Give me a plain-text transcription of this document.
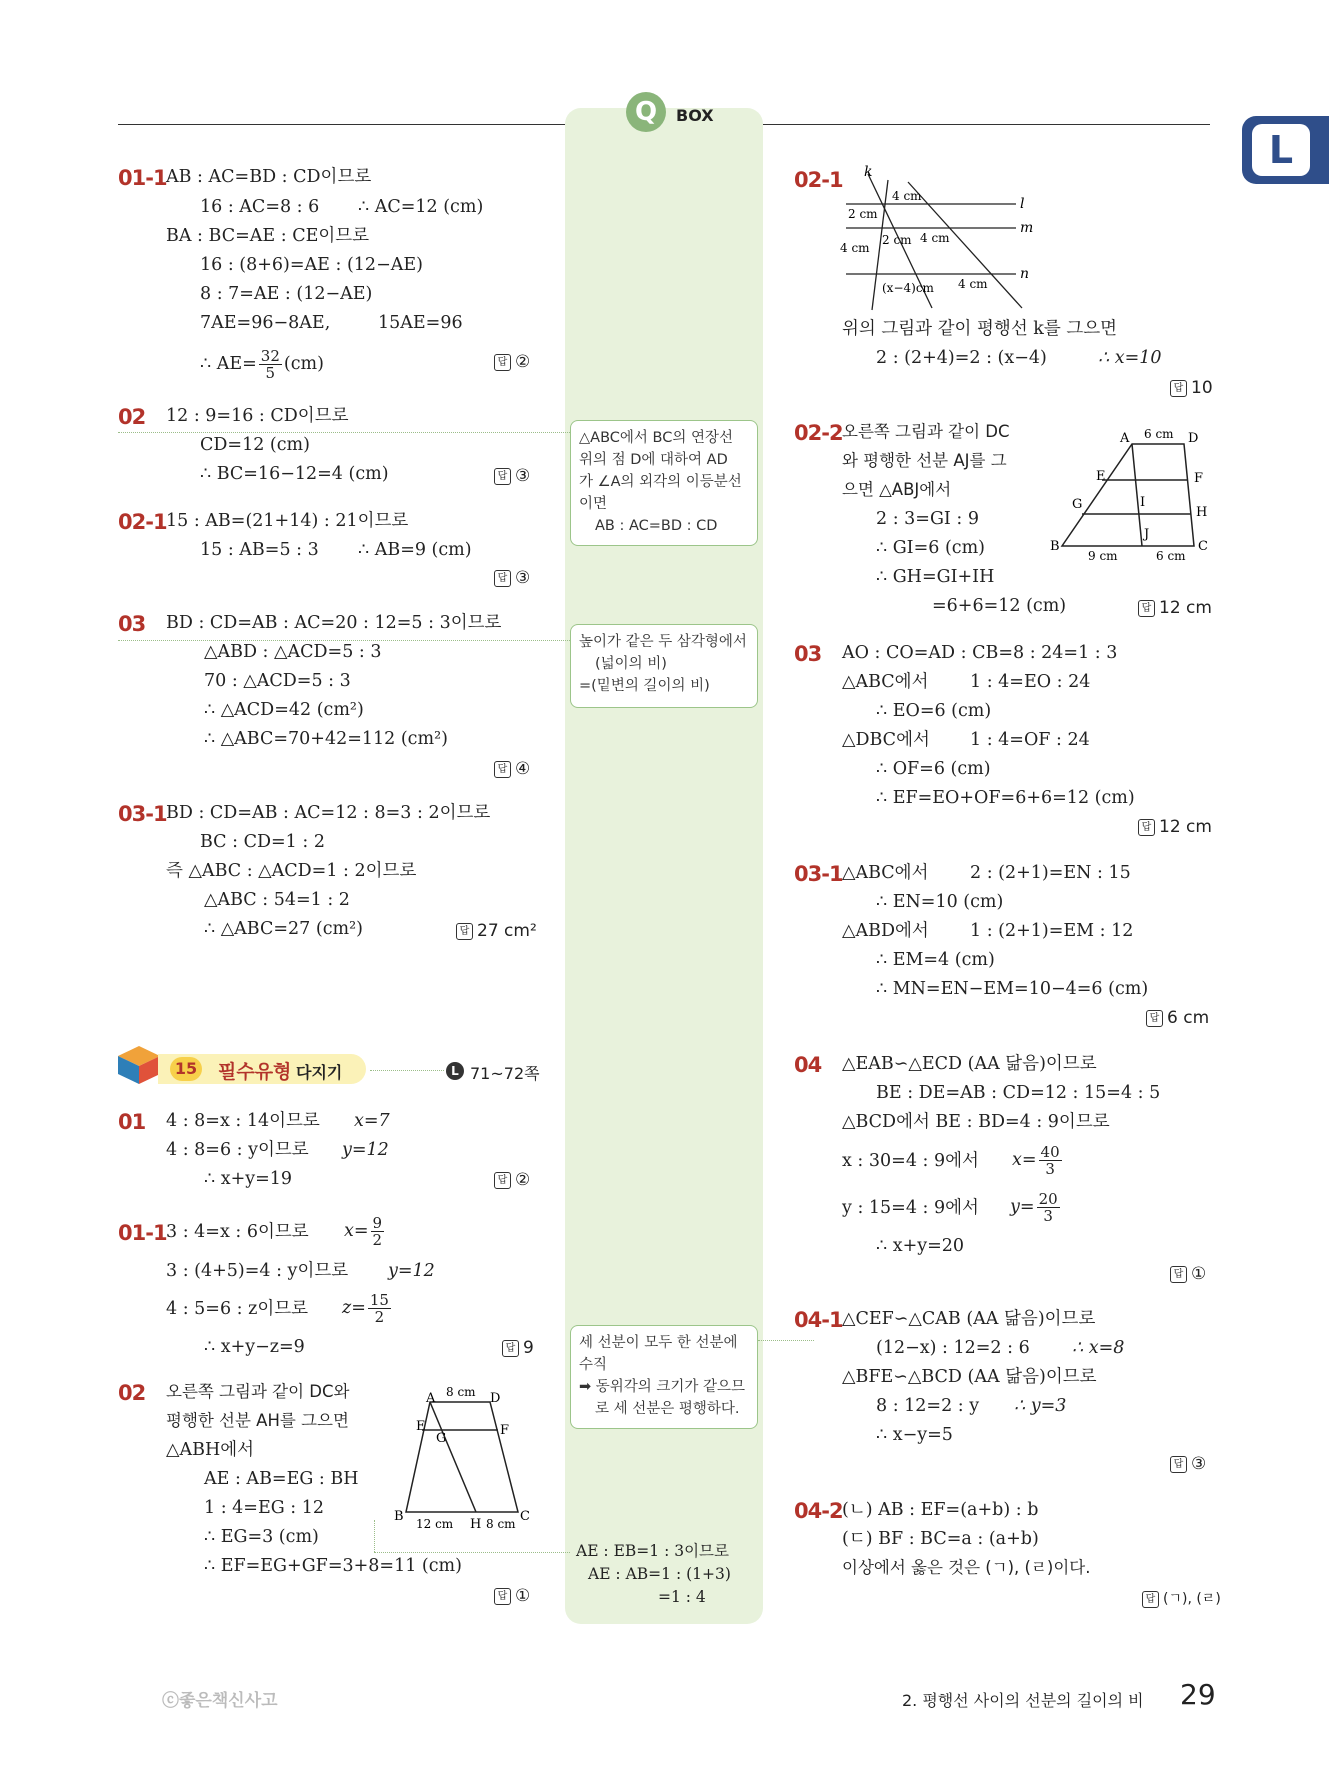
Q	BOX
L
01-1 AB : AC=BD : CD이므로
16 : AC=8 : 6 ∴ AC=12 (cm)
BA : BC=AE : CE이므로
16 : (8+6)=AE : (12−AE)
8 : 7=AE : (12−AE)
7AE=96−8AE,	15AE=96
∴ $AE= \frac{32}{5} (cm)$	답 ②
02 12 : 9=16 : CD이므로
CD=12 (cm)
∴ BC=16−12=4 (cm)	답 ③
02-1 15 : AB=(21+14) : 21이므로
15 : AB=5 : 3 ∴ AB=9 (cm)
답 ③
03 BD : CD=AB : AC=20 : 12=5 : 3이므로
△ABD : △ACD=5 : 3
70 : △ACD=5 : 3
∴ △ACD=42 (cm²)
∴ △ABC=70+42=112 (cm²)
답 ④
03-1 BD : CD=AB : AC=12 : 8=3 : 2이므로
BC : CD=1 : 2
즉 △ABC : △ACD=1 : 2이므로
△ABC : 54=1 : 2
∴ △ABC=27 (cm²)	답 27 cm²
15 필수유형 다지기	L 71~72쪽
01 4 : 8=x : 14이므로 x=7
4 : 8=6 : y이므로 y=12
∴ x+y=19	답 ②
01-1 3 : 4=x : 6이므로 $x= \frac{9}{2}$
3 : (4+5)=4 : y이므로 y=12
4 : 5=6 : z이므로 $z= \frac{15}{2}$
∴ x+y−z=9	답 9
02 오른쪽 그림과 같이 DC와
평행한 선분 AH를 그으면
△ABH에서
AE : AB=EG : BH
1 : 4=EG : 12
∴ EG=3 (cm)
∴ EF=EG+GF=3+8=11 (cm)
답 ①
A	D
E	F
G
B
H
C
8 cm
12 cm	8 cm
△ABC에서 BC의 연장선
위의 점 D에 대하여 AD
가 ∠A의 외각의 이등분선
이면
AB : AC=BD : CD
높이가 같은 두 삼각형에서
(넓이의 비)
=(밑변의 길이의 비)
세 선분이 모두 한 선분에
수직
➡ 동위각의 크기가 같으므
로 세 선분은 평행하다.
AE : EB=1 : 3이므로
AE : AB=1 : (1+3)
=1 : 4
02-1 k
l
m
n
4 cm
2 cm
4 cm
2 cm 4 cm
(x−4)cm 4 cm
위의 그림과 같이 평행선 k를 그으면
2 : (2+4)=2 : (x−4)	∴ x=10
답 10
02-2 오른쪽 그림과 같이 DC
와 평행한 선분 AJ를 그
으면 △ABJ에서
2 : 3=GI : 9
∴ GI=6 (cm)
∴ GH=GI+IH
=6+6=12 (cm)	답 12 cm
A	D
E	F
G	I
H
J
B	C
6 cm
9 cm	6 cm
03 AO : CO=AD : CB=8 : 24=1 : 3
△ABC에서 1 : 4=EO : 24
∴ EO=6 (cm)
△DBC에서 1 : 4=OF : 24
∴ OF=6 (cm)
∴ EF=EO+OF=6+6=12 (cm)
답 12 cm
03-1 △ABC에서 2 : (2+1)=EN : 15
∴ EN=10 (cm)
△ABD에서 1 : (2+1)=EM : 12
∴ EM=4 (cm)
∴ MN=EN−EM=10−4=6 (cm)
답 6 cm
04 △EAB∽△ECD (AA 닮음)이므로
BE : DE=AB : CD=12 : 15=4 : 5
△BCD에서 BE : BD=4 : 9이므로
x : 30=4 : 9에서 $x= \frac{40}{3}$
y : 15=4 : 9에서 $y= \frac{20}{3}$
∴ x+y=20
답 ①
04-1 △CEF∽△CAB (AA 닮음)이므로
(12−x) : 12=2 : 6 ∴ x=8
△BFE∽△BCD (AA 닮음)이므로
8 : 12=2 : y ∴ y=3
∴ x−y=5
답 ③
04-2 (ㄴ) AB : EF=(a+b) : b
(ㄷ) BF : BC=a : (a+b)
이상에서 옳은 것은 (ㄱ), (ㄹ)이다.
답 (ㄱ), (ㄹ)
ⓒ좋은책신사고	2. 평행선 사이의 선분의 길이의 비 29
